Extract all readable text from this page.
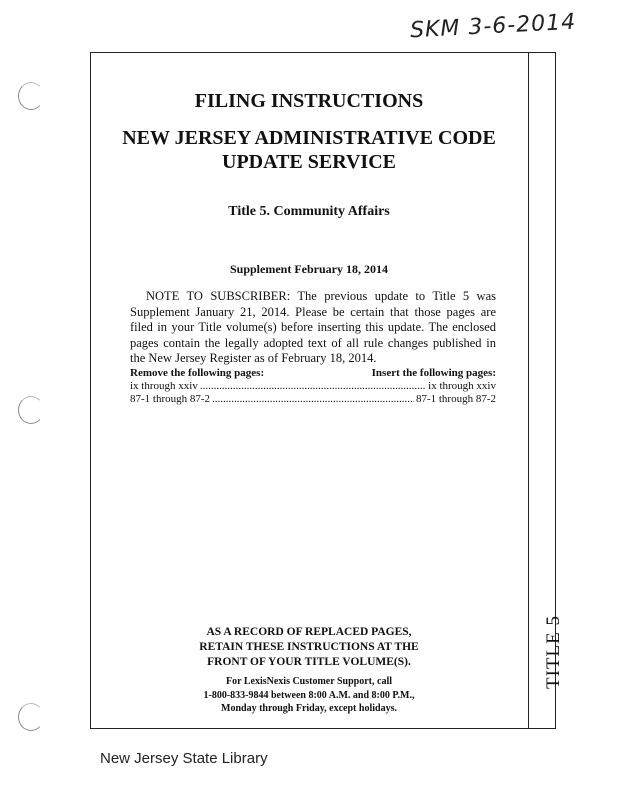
SKM 3-6-2014
TITLE 5
FILING INSTRUCTIONS
NEW JERSEY ADMINISTRATIVE CODE
UPDATE SERVICE
Title 5. Community Affairs
Supplement February 18, 2014
NOTE TO SUBSCRIBER: The previous update to Title 5 was Supplement January 21, 2014. Please be certain that those pages are filed in your Title volume(s) before inserting this update. The enclosed pages contain the legally adopted text of all rule changes published in the New Jersey Register as of February 18, 2014.
Remove the following pages:	Insert the following pages:
ix through xxiv .....	ix through xxiv
87-1 through 87-2 .....	87-1 through 87-2
AS A RECORD OF REPLACED PAGES,
RETAIN THESE INSTRUCTIONS AT THE
FRONT OF YOUR TITLE VOLUME(S).
For LexisNexis Customer Support, call
1-800-833-9844 between 8:00 A.M. and 8:00 P.M.,
Monday through Friday, except holidays.
New Jersey State Library
